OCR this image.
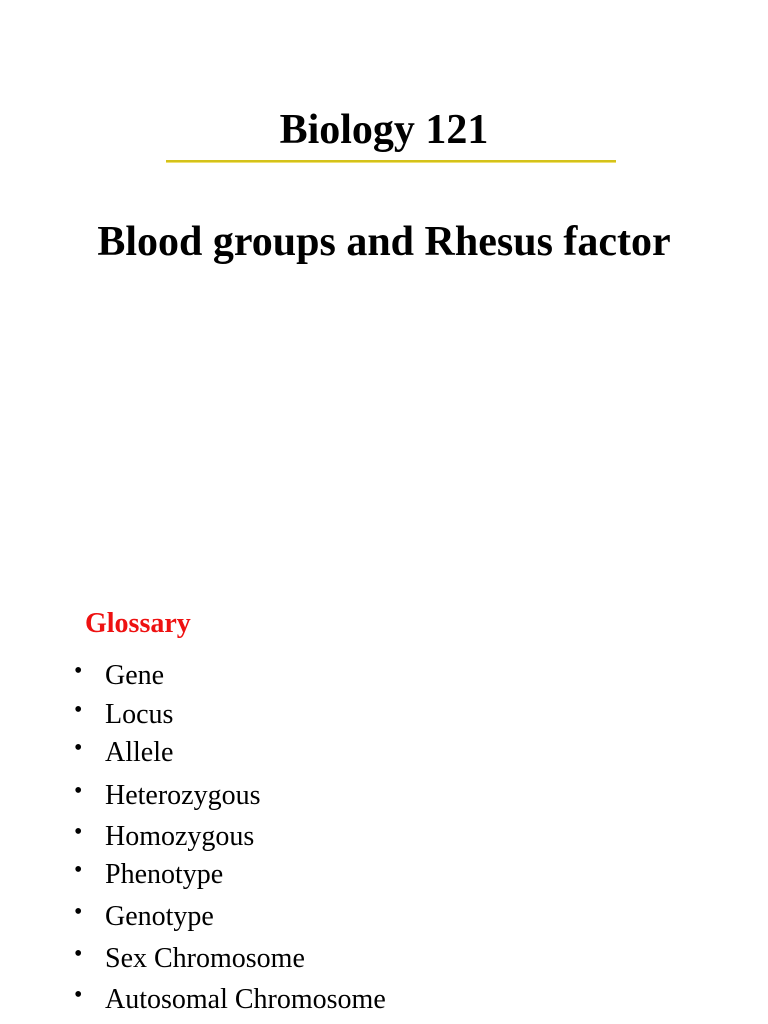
Biology 121
Blood groups and Rhesus factor
Glossary
• Gene
• Locus
• Allele
• Heterozygous
• Homozygous
• Phenotype
• Genotype
• Sex Chromosome
• Autosomal Chromosome
